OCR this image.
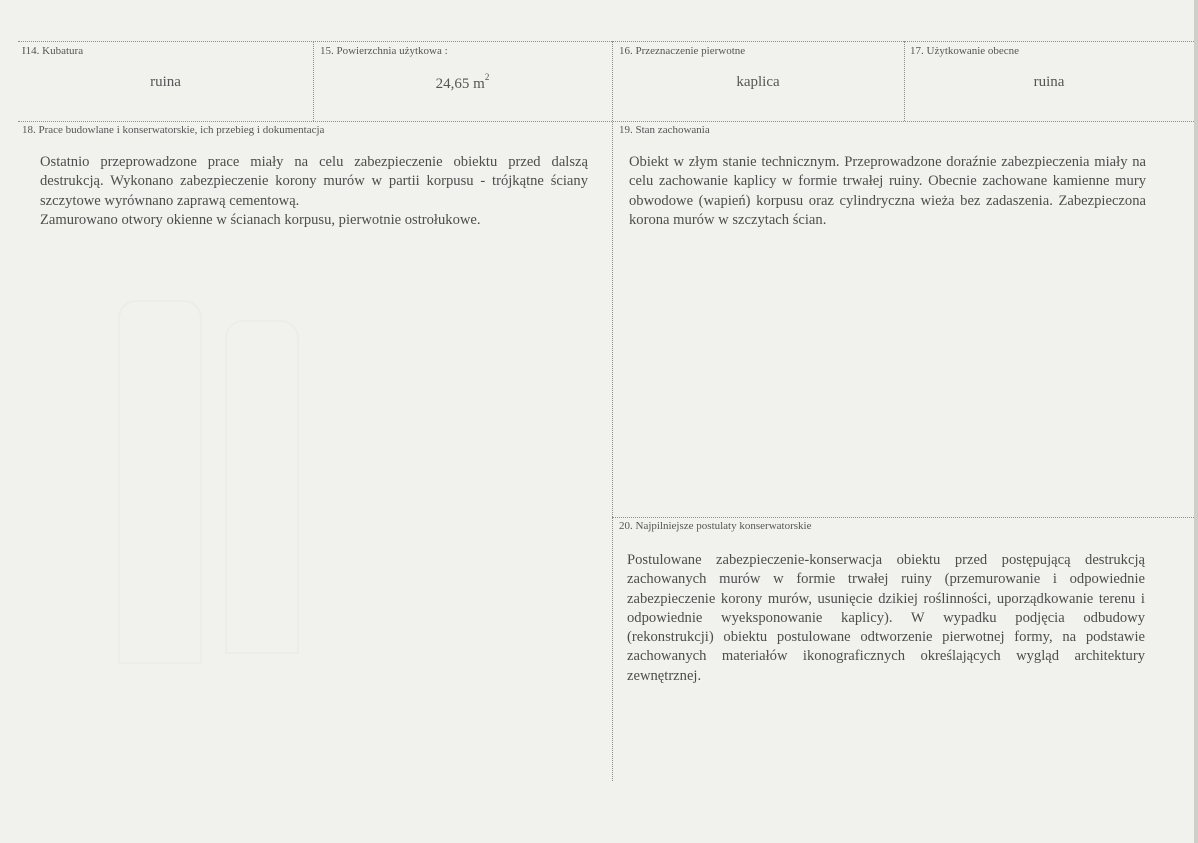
I14. Kubatura
ruina
15. Powierzchnia użytkowa :
24,65 $m^2$
16. Przeznaczenie pierwotne
kaplica
17. Użytkowanie obecne
ruina
18. Prace budowlane i konserwatorskie, ich przebieg i dokumentacja

Ostatnio przeprowadzone prace miały na celu zabezpieczenie obiektu przed dalszą destrukcją. Wykonano zabezpieczenie korony murów w partii korpusu - trójkątne ściany szczytowe wyrównano zaprawą cementową.

Zamurowano otwory okienne w ścianach korpusu, pierwotnie ostrołukowe.

19. Stan zachowania

Obiekt w złym stanie technicznym. Przeprowadzone doraźnie zabezpieczenia miały na celu zachowanie kaplicy w formie trwałej ruiny. Obecnie zachowane kamienne mury obwodowe (wapień) korpusu oraz cylindryczna wieża bez zadaszenia. Zabezpieczona korona murów w szczytach ścian.

20. Najpilniejsze postulaty konserwatorskie

Postulowane zabezpieczenie-konserwacja obiektu przed postępującą destrukcją zachowanych murów w formie trwałej ruiny (przemurowanie i odpowiednie zabezpieczenie korony murów, usunięcie dzikiej roślinności, uporządkowanie terenu i odpowiednie wyeksponowanie kaplicy). W wypadku podjęcia odbudowy (rekonstrukcji) obiektu postulowane odtworzenie pierwotnej formy, na podstawie zachowanych materiałów ikonograficznych określających wygląd architektury zewnętrznej.
